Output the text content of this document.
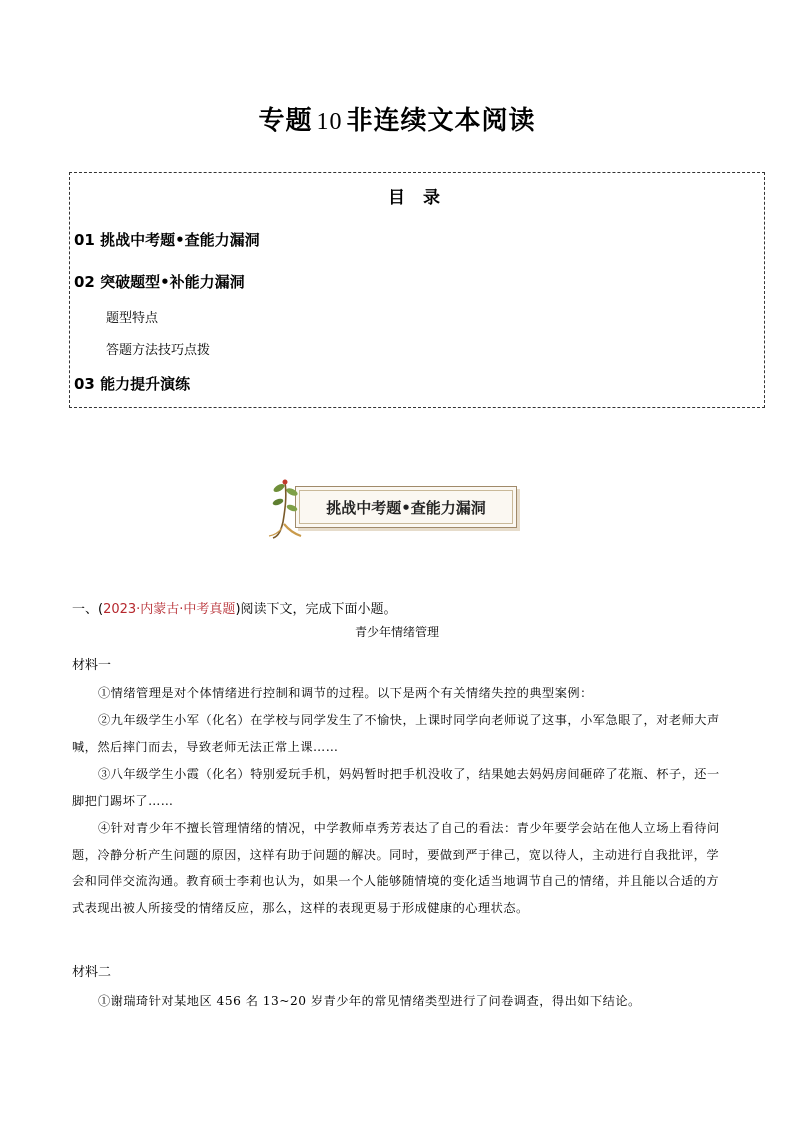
专题 10 非连续文本阅读
目 录
01 挑战中考题•查能力漏洞
02 突破题型•补能力漏洞
题型特点
答题方法技巧点拨
03 能力提升演练
挑战中考题•查能力漏洞
一、(2023·内蒙古·中考真题)阅读下文，完成下面小题。
青少年情绪管理
材料一
①情绪管理是对个体情绪进行控制和调节的过程。以下是两个有关情绪失控的典型案例：
②九年级学生小军（化名）在学校与同学发生了不愉快，上课时同学向老师说了这事，小军急眼了，对老师大声喊，然后摔门而去，导致老师无法正常上课……
③八年级学生小霞（化名）特别爱玩手机，妈妈暂时把手机没收了，结果她去妈妈房间砸碎了花瓶、杯子，还一脚把门踢坏了……
④针对青少年不擅长管理情绪的情况，中学教师卓秀芳表达了自己的看法：青少年要学会站在他人立场上看待问题，冷静分析产生问题的原因，这样有助于问题的解决。同时，要做到严于律己，宽以待人，主动进行自我批评，学会和同伴交流沟通。教育硕士李莉也认为，如果一个人能够随情境的变化适当地调节自己的情绪，并且能以合适的方式表现出被人所接受的情绪反应，那么，这样的表现更易于形成健康的心理状态。
材料二
①谢瑞琦针对某地区 456 名 13~20 岁青少年的常见情绪类型进行了问卷调查，得出如下结论。
